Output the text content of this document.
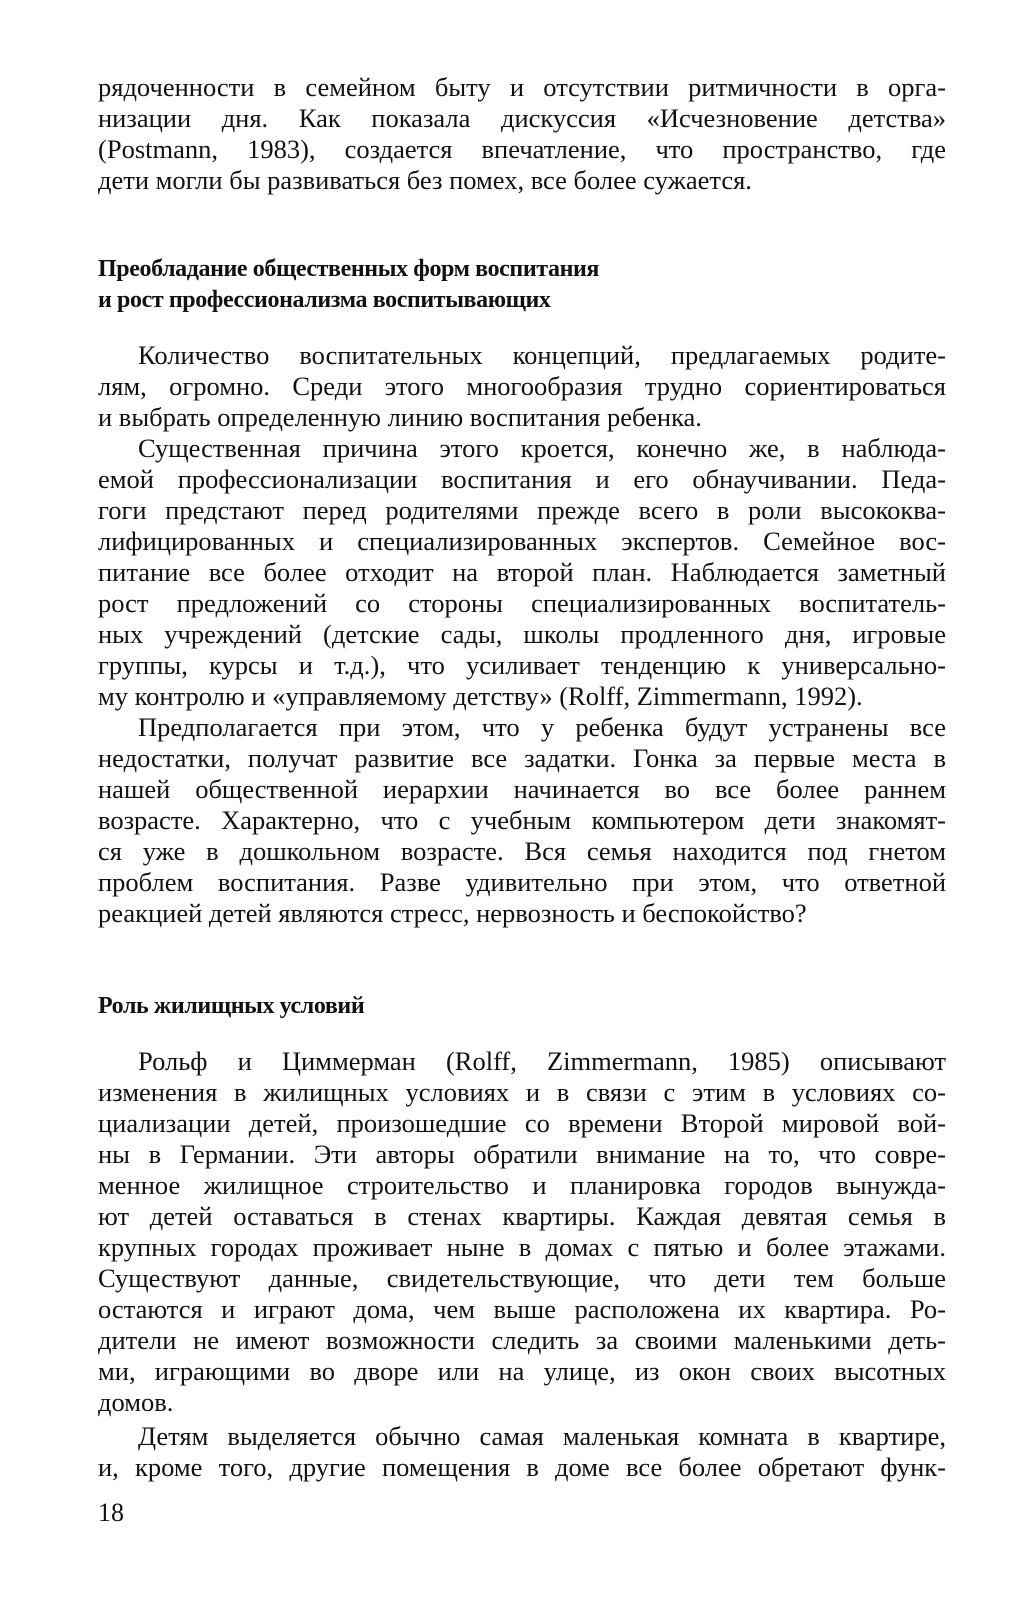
рядоченности в семейном быту и отсутствии ритмичности в орга-
низации дня. Как показала дискуссия «Исчезновение детства»
(Postmann, 1983), создается впечатление, что пространство, где
дети могли бы развиваться без помех, все более сужается.
Преобладание общественных форм воспитания
и рост профессионализма воспитывающих
Количество воспитательных концепций, предлагаемых родите-
лям, огромно. Среди этого многообразия трудно сориентироваться
и выбрать определенную линию воспитания ребенка.
Существенная причина этого кроется, конечно же, в наблюда-
емой профессионализации воспитания и его обнаучивании. Педа-
гоги предстают перед родителями прежде всего в роли высококва-
лифицированных и специализированных экспертов. Семейное вос-
питание все более отходит на второй план. Наблюдается заметный
рост предложений со стороны специализированных воспитатель-
ных учреждений (детские сады, школы продленного дня, игровые
группы, курсы и т.д.), что усиливает тенденцию к универсально-
му контролю и «управляемому детству» (Rolff, Zimmermann, 1992).
Предполагается при этом, что у ребенка будут устранены все
недостатки, получат развитие все задатки. Гонка за первые места в
нашей общественной иерархии начинается во все более раннем
возрасте. Характерно, что с учебным компьютером дети знакомят-
ся уже в дошкольном возрасте. Вся семья находится под гнетом
проблем воспитания. Разве удивительно при этом, что ответной
реакцией детей являются стресс, нервозность и беспокойство?
Роль жилищных условий
Рольф и Циммерман (Rolff, Zimmermann, 1985) описывают
изменения в жилищных условиях и в связи с этим в условиях со-
циализации детей, произошедшие со времени Второй мировой вой-
ны в Германии. Эти авторы обратили внимание на то, что совре-
менное жилищное строительство и планировка городов вынужда-
ют детей оставаться в стенах квартиры. Каждая девятая семья в
крупных городах проживает ныне в домах с пятью и более этажами.
Существуют данные, свидетельствующие, что дети тем больше
остаются и играют дома, чем выше расположена их квартира. Ро-
дители не имеют возможности следить за своими маленькими деть-
ми, играющими во дворе или на улице, из окон своих высотных
домов.
Детям выделяется обычно самая маленькая комната в квартире,
и, кроме того, другие помещения в доме все более обретают функ-
18
